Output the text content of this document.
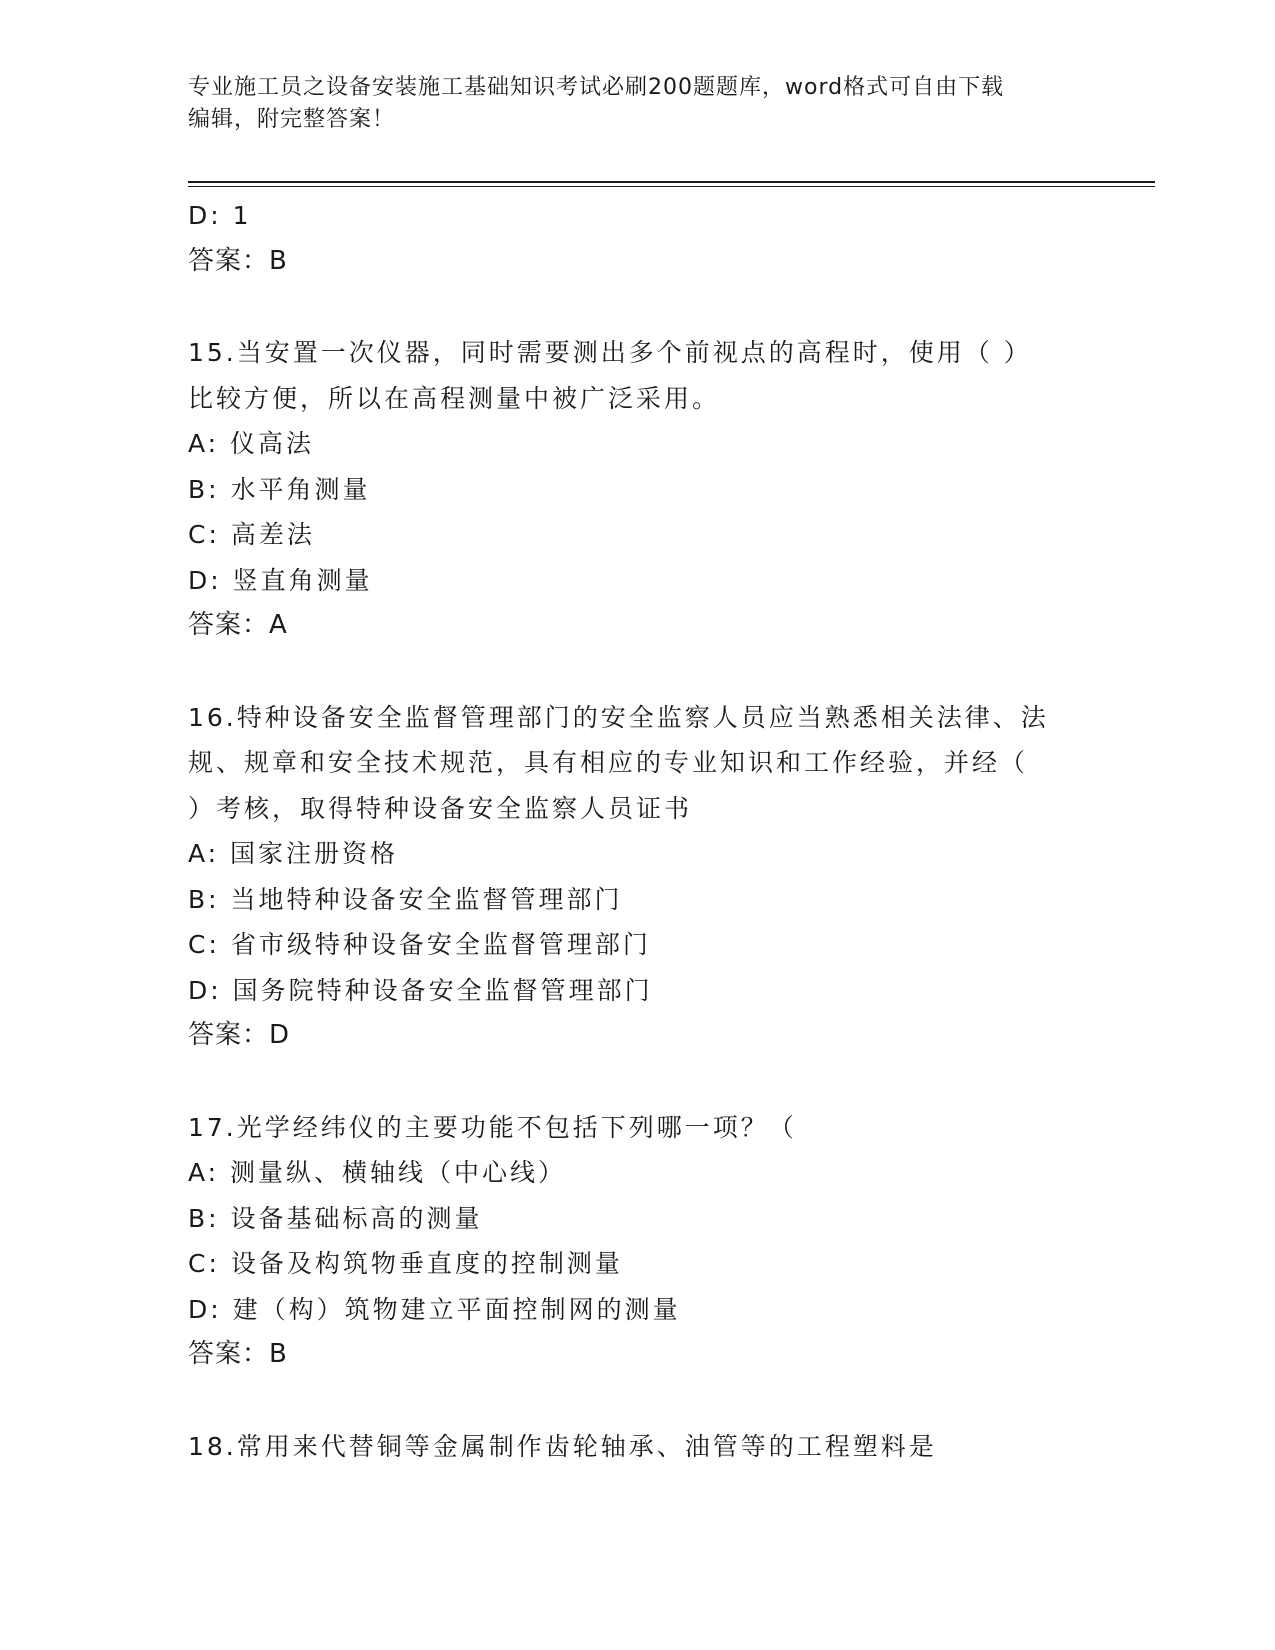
专业施工员之设备安装施工基础知识考试必刷200题题库，word格式可自由下载
编辑，附完整答案！
D: 1
答案：B
15.当安置一次仪器，同时需要测出多个前视点的高程时，使用（ ）
比较方便，所以在高程测量中被广泛采用。
A: 仪高法
B: 水平角测量
C: 高差法
D: 竖直角测量
答案：A
16.特种设备安全监督管理部门的安全监察人员应当熟悉相关法律、法
规、规章和安全技术规范，具有相应的专业知识和工作经验，并经（
）考核，取得特种设备安全监察人员证书
A: 国家注册资格
B: 当地特种设备安全监督管理部门
C: 省市级特种设备安全监督管理部门
D: 国务院特种设备安全监督管理部门
答案：D
17.光学经纬仪的主要功能不包括下列哪一项？（
A: 测量纵、横轴线（中心线）
B: 设备基础标高的测量
C: 设备及构筑物垂直度的控制测量
D: 建（构）筑物建立平面控制网的测量
答案：B
18.常用来代替铜等金属制作齿轮轴承、油管等的工程塑料是
